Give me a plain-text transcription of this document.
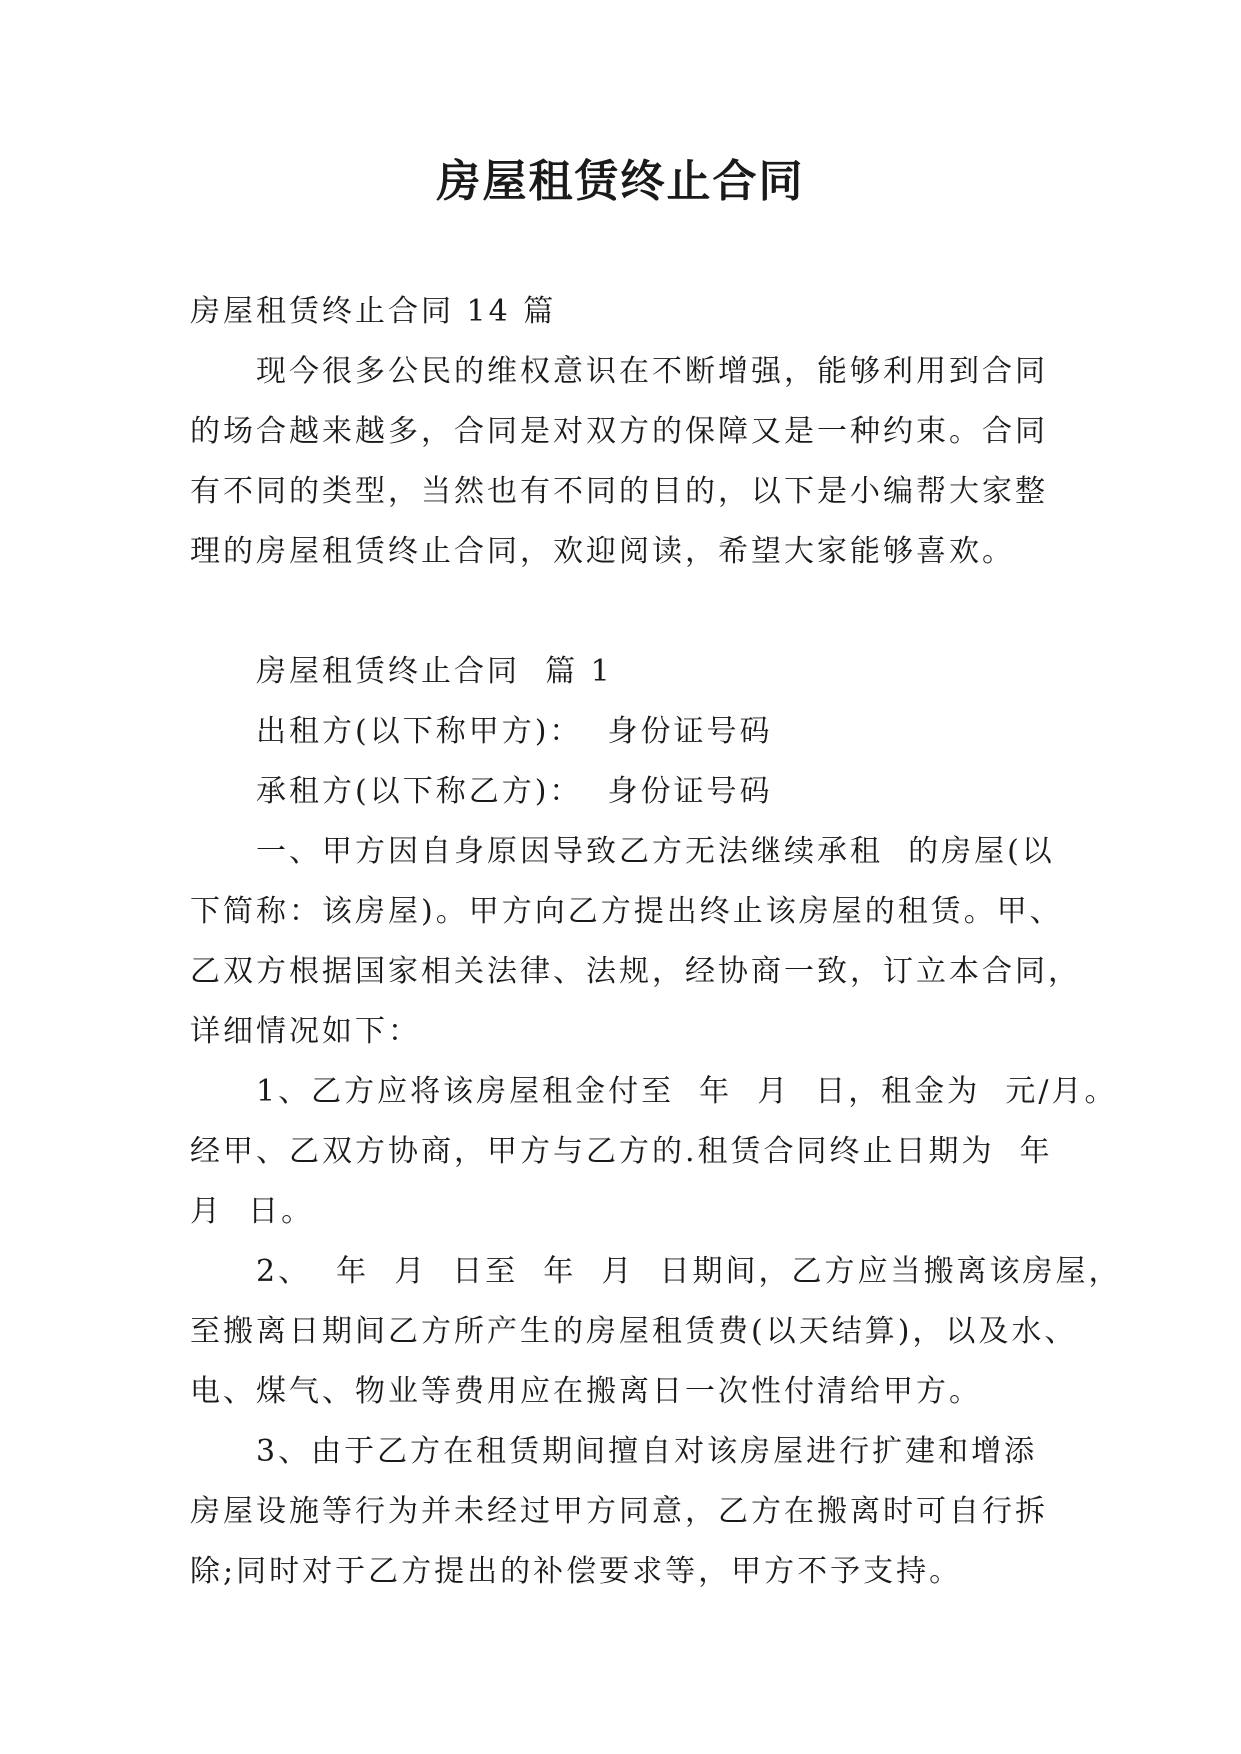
房屋租赁终止合同
房屋租赁终止合同 14 篇
现今很多公民的维权意识在不断增强，能够利用到合同
的场合越来越多，合同是对双方的保障又是一种约束。合同
有不同的类型，当然也有不同的目的，以下是小编帮大家整
理的房屋租赁终止合同，欢迎阅读，希望大家能够喜欢。
房屋租赁终止合同  篇 1
出租方(以下称甲方)：  身份证号码
承租方(以下称乙方)：  身份证号码
一、甲方因自身原因导致乙方无法继续承租  的房屋(以
下简称：该房屋)。甲方向乙方提出终止该房屋的租赁。甲、
乙双方根据国家相关法律、法规，经协商一致，订立本合同，
详细情况如下：
1、乙方应将该房屋租金付至  年  月  日，租金为  元/月。
经甲、乙双方协商，甲方与乙方的.租赁合同终止日期为  年
月  日。
2、  年  月  日至  年  月  日期间，乙方应当搬离该房屋，
至搬离日期间乙方所产生的房屋租赁费(以天结算)，以及水、
电、煤气、物业等费用应在搬离日一次性付清给甲方。
3、由于乙方在租赁期间擅自对该房屋进行扩建和增添
房屋设施等行为并未经过甲方同意，乙方在搬离时可自行拆
除;同时对于乙方提出的补偿要求等，甲方不予支持。
